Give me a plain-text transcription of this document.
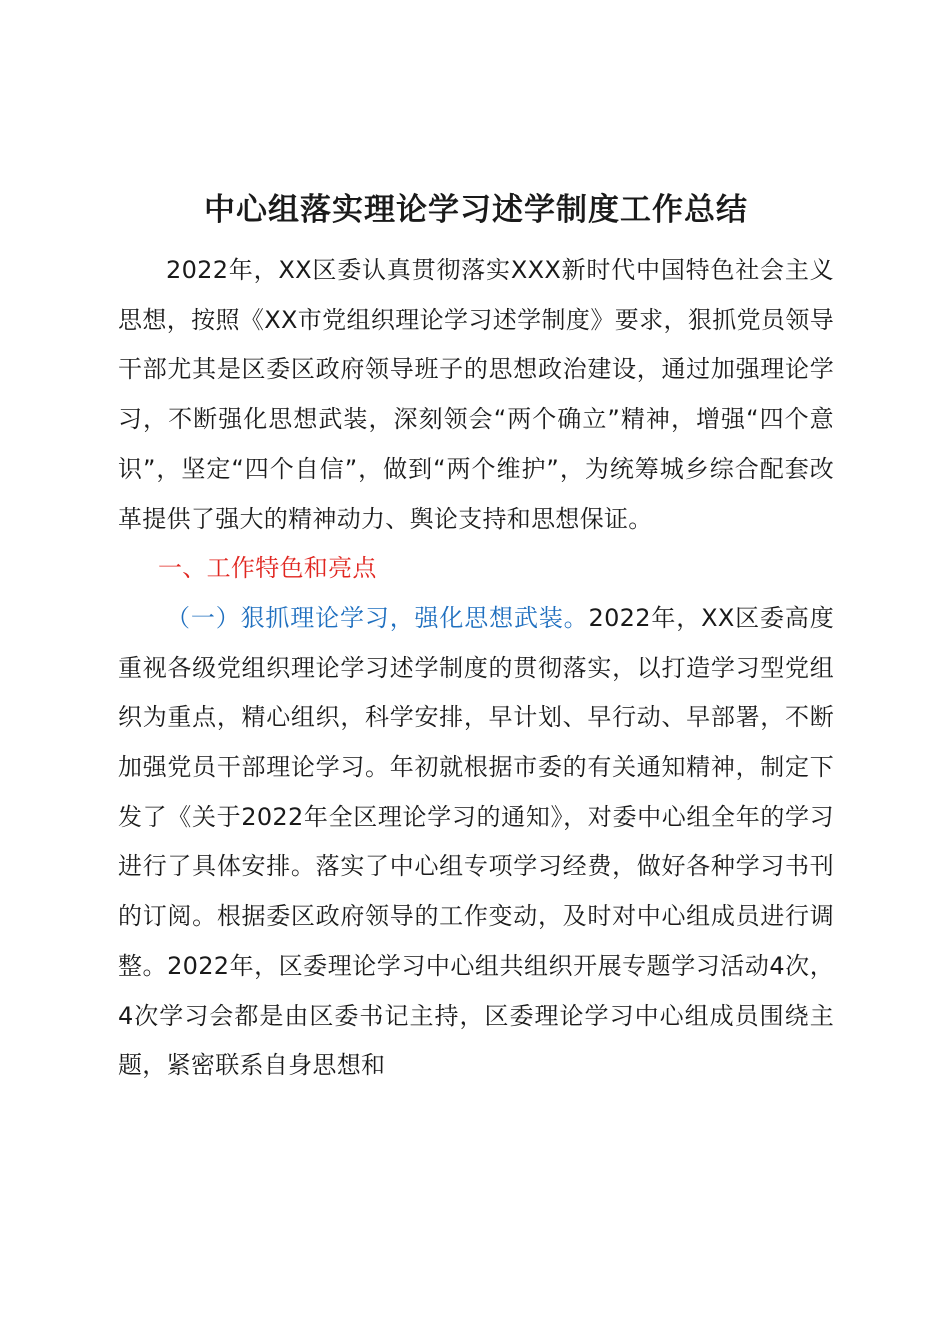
中心组落实理论学习述学制度工作总结

2022年，XX区委认真贯彻落实XXX新时代中国特色社会主义思想，按照《XX市党组织理论学习述学制度》要求，狠抓党员领导干部尤其是区委区政府领导班子的思想政治建设，通过加强理论学习，不断强化思想武装，深刻领会“两个确立”精神，增强“四个意识”，坚定“四个自信”，做到“两个维护”，为统筹城乡综合配套改革提供了强大的精神动力、舆论支持和思想保证。

一、工作特色和亮点

（一）狠抓理论学习，强化思想武装。2022年，XX区委高度重视各级党组织理论学习述学制度的贯彻落实，以打造学习型党组织为重点，精心组织，科学安排，早计划、早行动、早部署，不断加强党员干部理论学习。年初就根据市委的有关通知精神，制定下发了《关于2022年全区理论学习的通知》，对委中心组全年的学习进行了具体安排。落实了中心组专项学习经费，做好各种学习书刊的订阅。根据委区政府领导的工作变动，及时对中心组成员进行调整。2022年，区委理论学习中心组共组织开展专题学习活动4次，4次学习会都是由区委书记主持，区委理论学习中心组成员围绕主题，紧密联系自身思想和
